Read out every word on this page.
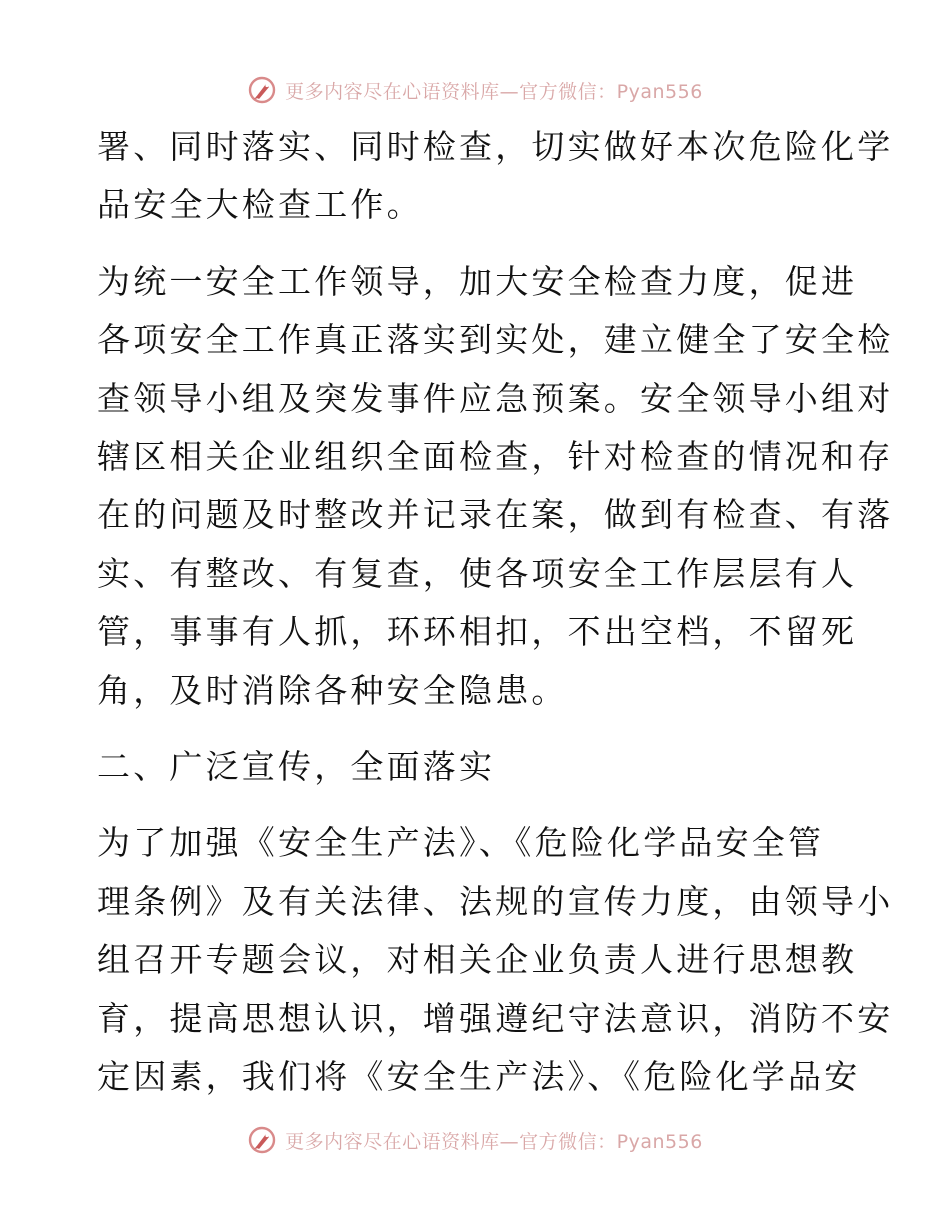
更多内容尽在心语资料库—官方微信：Pyan556

署、同时落实、同时检查，切实做好本次危险化学
品安全大检查工作。

为统一安全工作领导，加大安全检查力度，促进
各项安全工作真正落实到实处，建立健全了安全检
查领导小组及突发事件应急预案。安全领导小组对
辖区相关企业组织全面检查，针对检查的情况和存
在的问题及时整改并记录在案，做到有检查、有落
实、有整改、有复查，使各项安全工作层层有人
管，事事有人抓，环环相扣，不出空档，不留死
角，及时消除各种安全隐患。

二、广泛宣传，全面落实

为了加强《安全生产法》、《危险化学品安全管
理条例》及有关法律、法规的宣传力度，由领导小
组召开专题会议，对相关企业负责人进行思想教
育，提高思想认识，增强遵纪守法意识，消防不安
定因素，我们将《安全生产法》、《危险化学品安

更多内容尽在心语资料库—官方微信：Pyan556
